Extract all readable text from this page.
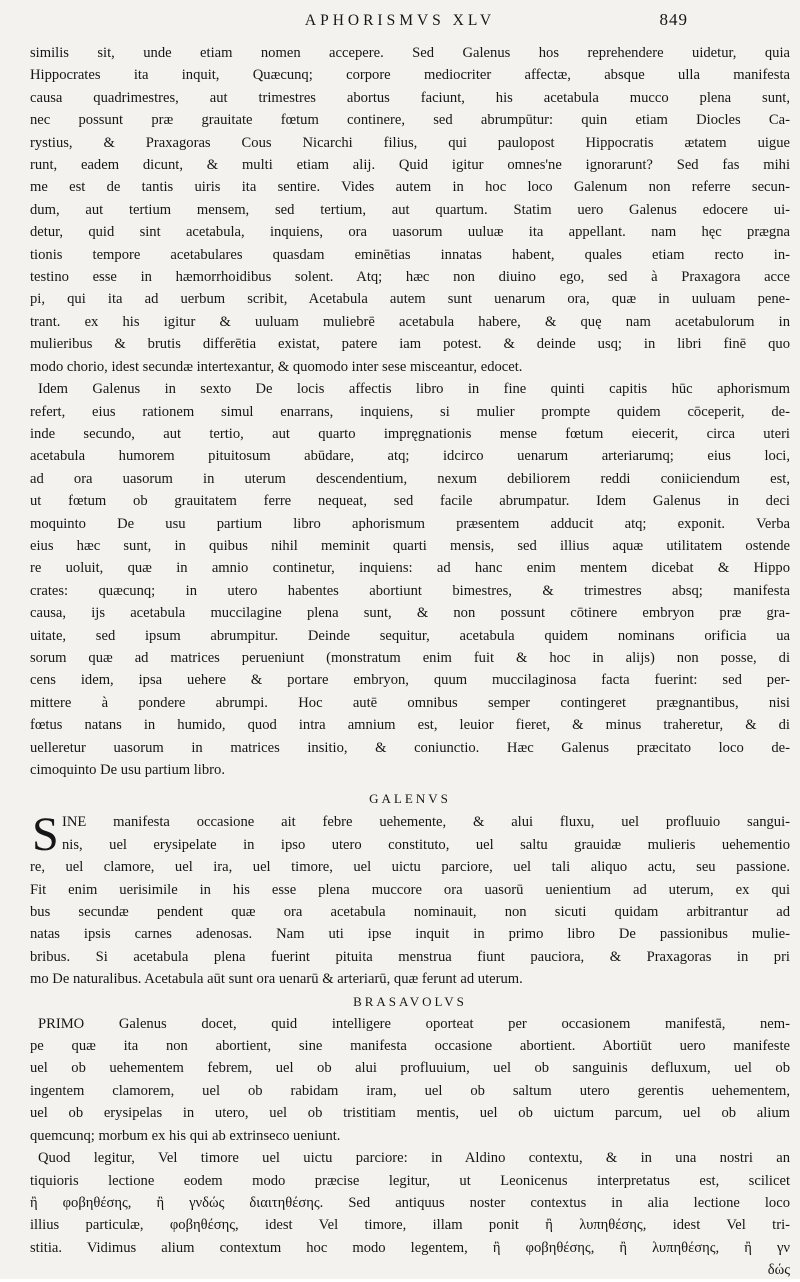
APHORISMVS XLV	849

similis sit, unde etiam nomen accepere. Sed Galenus hos reprehendere uidetur, quia

Hippocrates ita inquit, Quæcunq; corpore mediocriter affectæ, absque ulla manifesta

causa quadrimestres, aut trimestres abortus faciunt, his acetabula mucco plena sunt,

nec possunt præ grauitate fœtum continere, sed abrumpūtur: quin etiam Diocles Ca-

rystius, & Praxagoras Cous Nicarchi filius, qui paulopost Hippocratis ætatem uigue

runt, eadem dicunt, & multi etiam alij. Quid igitur omnes'ne ignorarunt? Sed fas mihi

me est de tantis uiris ita sentire. Vides autem in hoc loco Galenum non referre secun-

dum, aut tertium mensem, sed tertium, aut quartum. Statim uero Galenus edocere ui-

detur, quid sint acetabula, inquiens, ora uasorum uuluæ ita appellant. nam hęc prægna

tionis tempore acetabulares quasdam eminētias innatas habent, quales etiam recto in-

testino esse in hæmorrhoidibus solent. Atq; hæc non diuino ego, sed à Praxagora acce

pi, qui ita ad uerbum scribit, Acetabula autem sunt uenarum ora, quæ in uuluam pene-

trant. ex his igitur & uuluam muliebrē acetabula habere, & quę nam acetabulorum in

mulieribus & brutis differētia existat, patere iam potest. & deinde usq; in libri finē quo

modo chorio, idest secundæ intertexantur, & quomodo inter sese misceantur, edocet.

Idem Galenus in sexto De locis affectis libro in fine quinti capitis hūc aphorismum

refert, eius rationem simul enarrans, inquiens, si mulier prompte quidem cōceperit, de-

inde secundo, aut tertio, aut quarto impręgnationis mense fœtum eiecerit, circa uteri

acetabula humorem pituitosum abūdare, atq; idcirco uenarum arteriarumq; eius loci,

ad ora uasorum in uterum descendentium, nexum debiliorem reddi coniiciendum est,

ut fœtum ob grauitatem ferre nequeat, sed facile abrumpatur. Idem Galenus in deci

moquinto De usu partium libro aphorismum præsentem adducit atq; exponit. Verba

eius hæc sunt, in quibus nihil meminit quarti mensis, sed illius aquæ utilitatem ostende

re uoluit, quæ in amnio continetur, inquiens: ad hanc enim mentem dicebat & Hippo

crates: quæcunq; in utero habentes abortiunt bimestres, & trimestres absq; manifesta

causa, ijs acetabula muccilagine plena sunt, & non possunt cōtinere embryon præ gra-

uitate, sed ipsum abrumpitur. Deinde sequitur, acetabula quidem nominans orificia ua

sorum quæ ad matrices perueniunt (monstratum enim fuit & hoc in alijs) non posse, di

cens idem, ipsa uehere & portare embryon, quum muccilaginosa facta fuerint: sed per-

mittere à pondere abrumpi. Hoc autē omnibus semper contingeret prægnantibus, nisi

fœtus natans in humido, quod intra amnium est, leuior fieret, & minus traheretur, & di

uelleretur uasorum in matrices insitio, & coniunctio. Hæc Galenus præcitato loco de-

cimoquinto De usu partium libro.

GALENVS
S INE manifesta occasione ait febre uehemente, & alui fluxu, uel profluuio sangui-

nis, uel erysipelate in ipso utero constituto, uel saltu grauidæ mulieris uehementio

re, uel clamore, uel ira, uel timore, uel uictu parciore, uel tali aliquo actu, seu passione.

Fit enim uerisimile in his esse plena muccore ora uasorū uenientium ad uterum, ex qui

bus secundæ pendent quæ ora acetabula nominauit, non sicuti quidam arbitrantur ad

natas ipsis carnes adenosas. Nam uti ipse inquit in primo libro De passionibus mulie-

bribus. Si acetabula plena fuerint pituita menstrua fiunt pauciora, & Praxagoras in pri

mo De naturalibus. Acetabula aūt sunt ora uenarū & arteriarū, quæ ferunt ad uterum.

BRASAVOLVS

PRIMO Galenus docet, quid intelligere oporteat per occasionem manifestā, nem-

pe quæ ita non abortient, sine manifesta occasione abortient. Abortiūt uero manifeste

uel ob uehementem febrem, uel ob alui profluuium, uel ob sanguinis defluxum, uel ob

ingentem clamorem, uel ob rabidam iram, uel ob saltum utero gerentis uehementem,

uel ob erysipelas in utero, uel ob tristitiam mentis, uel ob uictum parcum, uel ob alium

quemcunq; morbum ex his qui ab extrinseco ueniunt.

Quod legitur, Vel timore uel uictu parciore: in Aldino contextu, & in una nostri an

tiquioris lectione eodem modo præcise legitur, ut Leonicenus interpretatus est, scilicet

ἢ φοβηθέσης, ἢ γνδώς διαιτηθέσης. Sed antiquus noster contextus in alia lectione loco

illius particulæ, φοβηθέσης, idest Vel timore, illam ponit ἢ λυπηθέσης, idest Vel tri-

stitia. Vidimus alium contextum hoc modo legentem, ἢ φοβηθέσης, ἢ λυπηθέσης, ἢ γν

δώς
